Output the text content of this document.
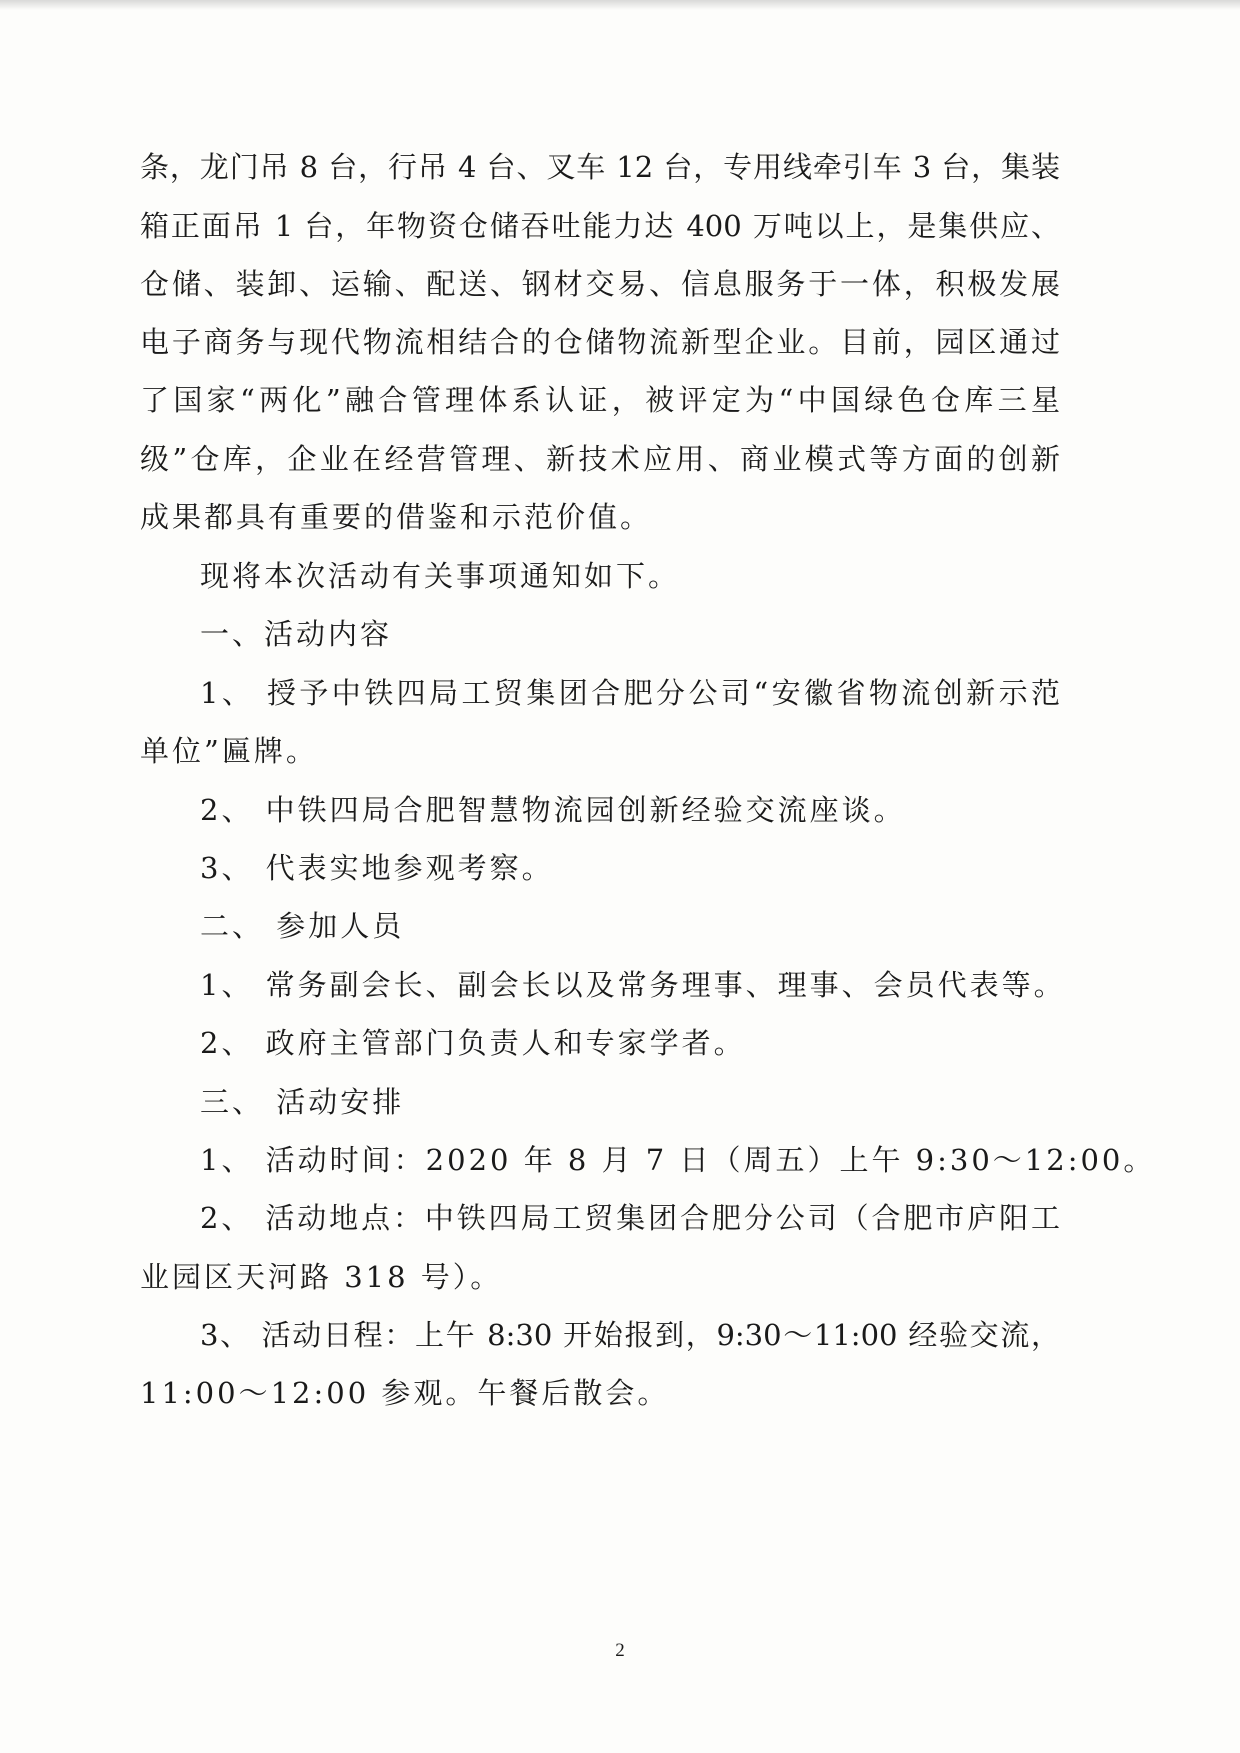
条，龙门吊 8 台，行吊 4 台、叉车 12 台，专用线牵引车 3 台，集装
箱正面吊 1 台，年物资仓储吞吐能力达 400 万吨以上，是集供应、
仓储、装卸、运输、配送、钢材交易、信息服务于一体，积极发展
电子商务与现代物流相结合的仓储物流新型企业。目前，园区通过
了国家“两化”融合管理体系认证，被评定为“中国绿色仓库三星
级”仓库，企业在经营管理、新技术应用、商业模式等方面的创新
成果都具有重要的借鉴和示范价值。
现将本次活动有关事项通知如下。
一、活动内容
1、 授予中铁四局工贸集团合肥分公司“安徽省物流创新示范
单位”匾牌。
2、 中铁四局合肥智慧物流园创新经验交流座谈。
3、 代表实地参观考察。
二、 参加人员
1、 常务副会长、副会长以及常务理事、理事、会员代表等。
2、 政府主管部门负责人和专家学者。
三、 活动安排
1、 活动时间：2020 年 8 月 7 日（周五）上午 9:30～12:00。
2、 活动地点：中铁四局工贸集团合肥分公司（合肥市庐阳工
业园区天河路 318 号）。
3、 活动日程：上午 8:30 开始报到，9:30～11:00 经验交流，
11:00～12:00 参观。午餐后散会。
2
